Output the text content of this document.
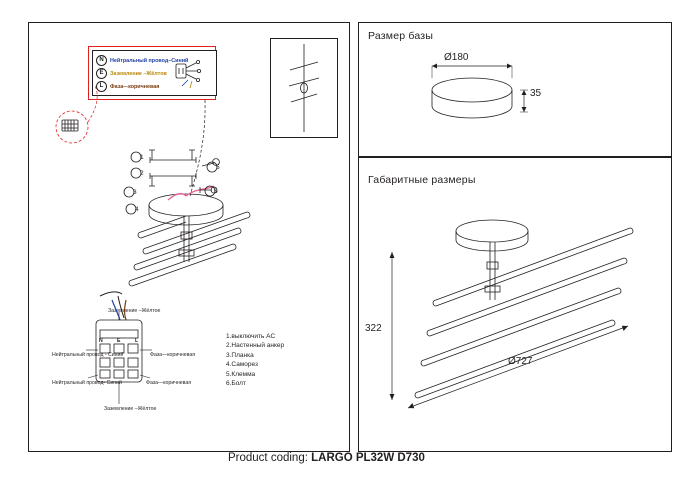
Размер базы
Габаритные размеры
N	Нейтральный провод–Синий
E	Заземление –Жёлтов
L	Фаза–-коричневая
1.выключить AC
2.Настенный анкер
3.Планка
4.Саморез
5.Клемма
6.Болт
Заземление –Жёлтое
Нейтральный провод - Синий	Фаза—коричневая
Нейтральный провод- Синий	Фаза—коричневая
Заземление –Жёлтое
N	E	L
1
2
3
4
5
6
Ø180
35
322
Ø727
Product coding: LARGO PL32W D730
